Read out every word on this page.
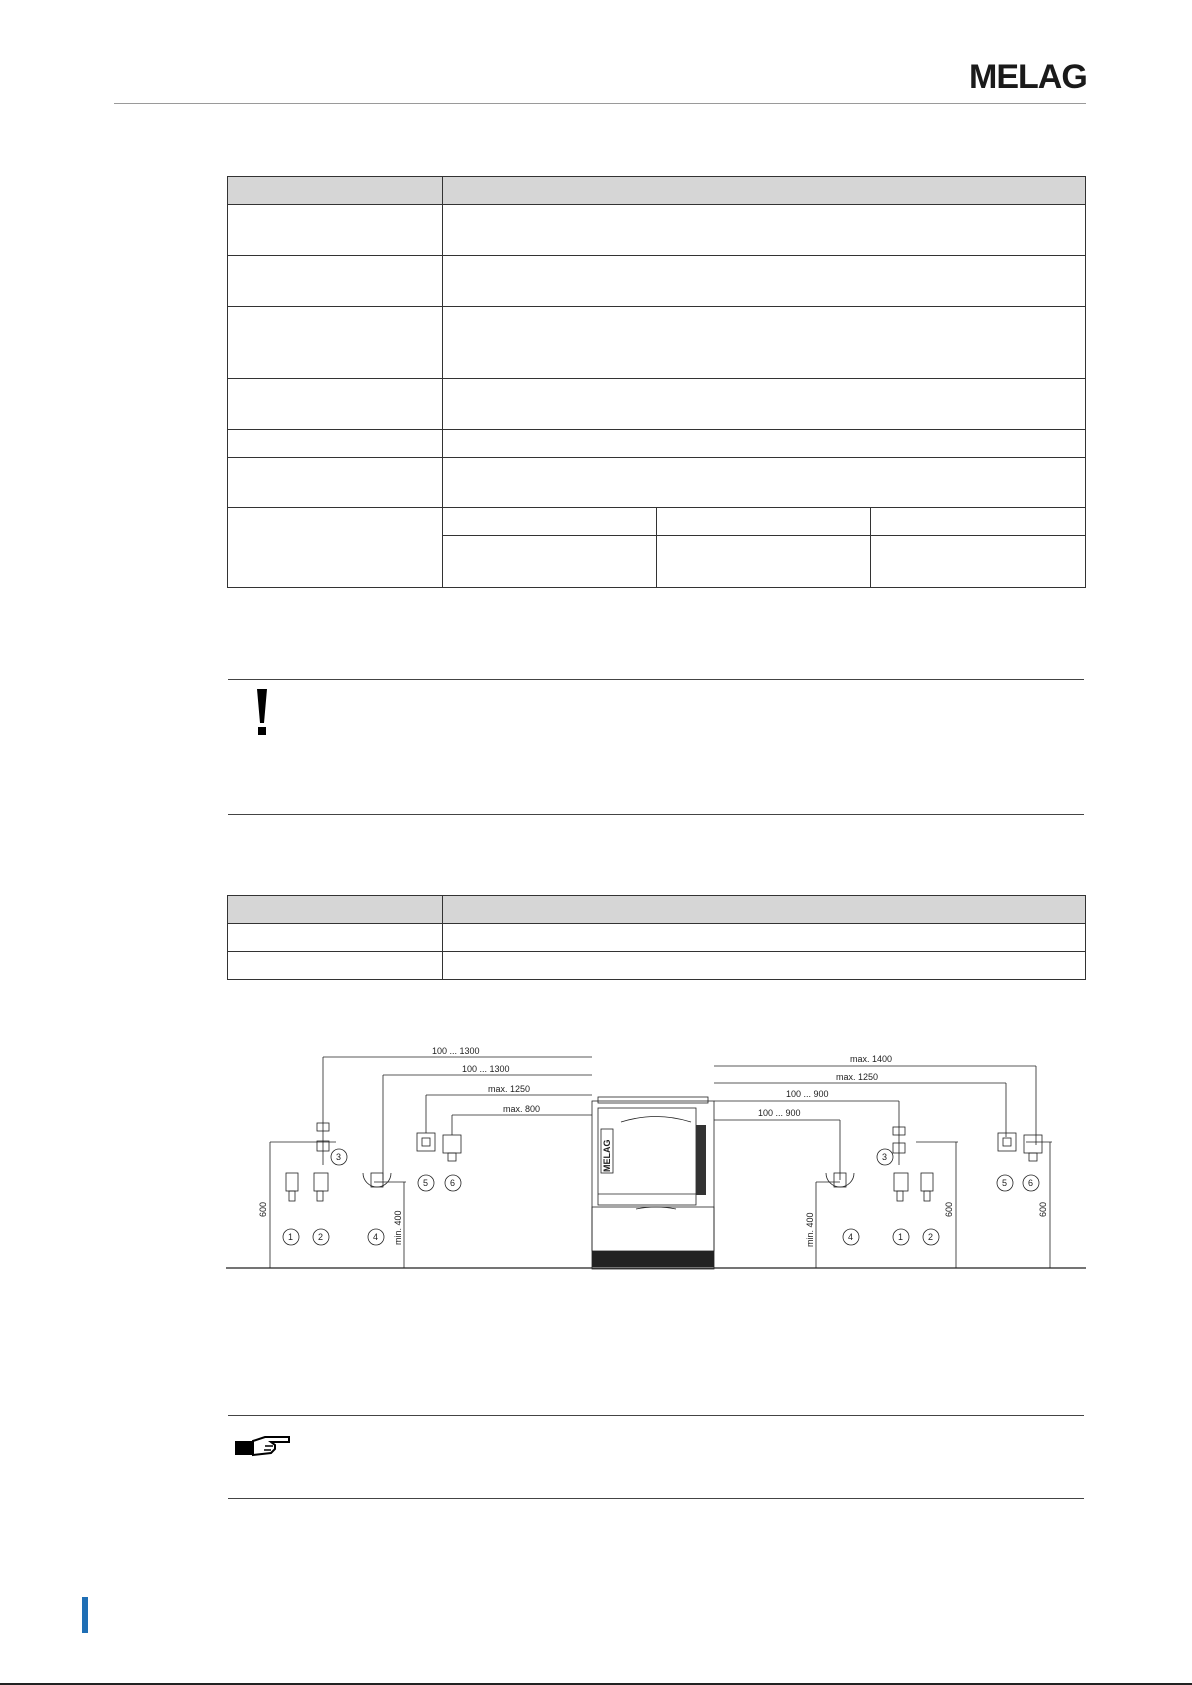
MELAG

MELAG
100 ... 1300
100 ... 1300
max. 1250
max. 800
600
min. 400
1	2
3
4
5 6
max. 1400
max. 1250
100 ... 900
100 ... 900
min. 400
600	600
4	1	2
3
5 6
